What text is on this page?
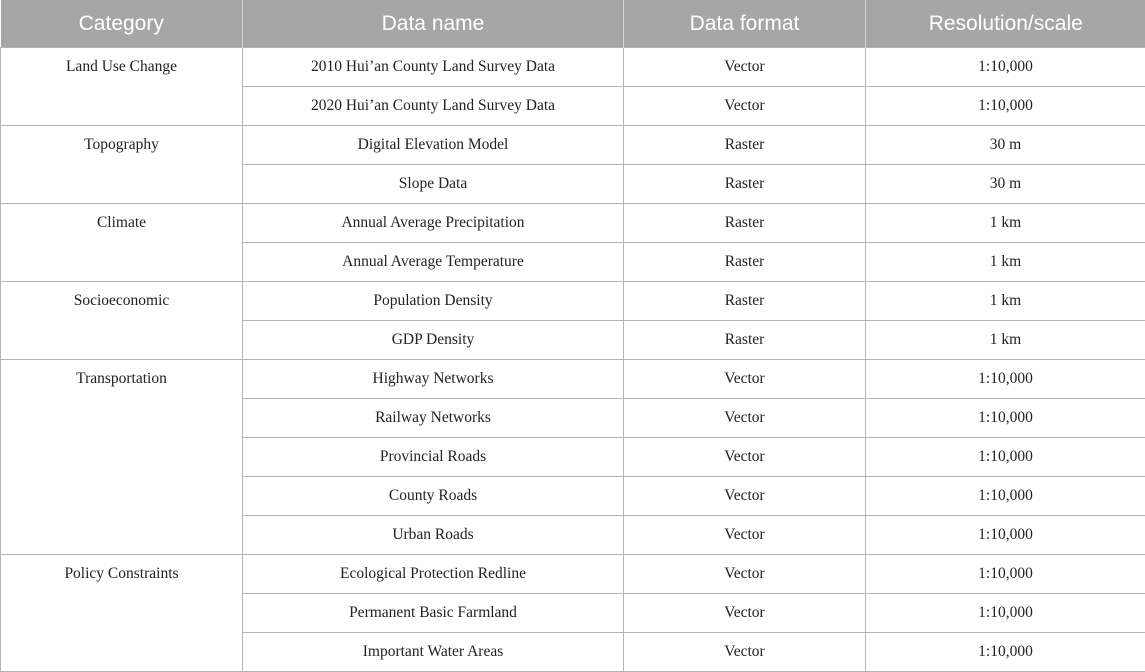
Category	Data name	Data format	Resolution/scale
Land Use Change	2010 Hui’an County Land Survey Data	Vector	1:10,000
	2020 Hui’an County Land Survey Data	Vector	1:10,000
Topography	Digital Elevation Model	Raster	30 m
	Slope Data	Raster	30 m
Climate	Annual Average Precipitation	Raster	1 km
	Annual Average Temperature	Raster	1 km
Socioeconomic	Population Density	Raster	1 km
	GDP Density	Raster	1 km
Transportation	Highway Networks	Vector	1:10,000
	Railway Networks	Vector	1:10,000
	Provincial Roads	Vector	1:10,000
	County Roads	Vector	1:10,000
	Urban Roads	Vector	1:10,000
Policy Constraints	Ecological Protection Redline	Vector	1:10,000
	Permanent Basic Farmland	Vector	1:10,000
	Important Water Areas	Vector	1:10,000
